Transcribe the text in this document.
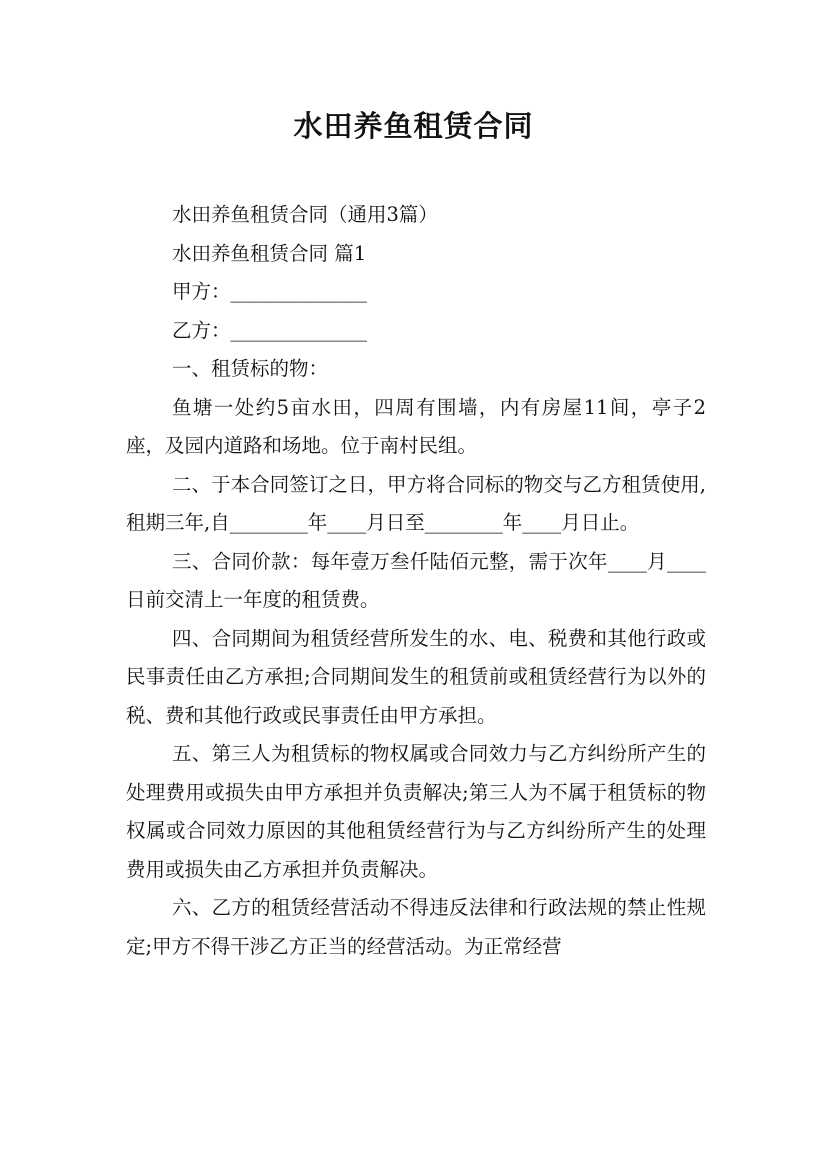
水田养鱼租赁合同

水田养鱼租赁合同（通用3篇）

水田养鱼租赁合同 篇1

甲方：______________

乙方：______________

一、租赁标的物：

鱼塘一处约5亩水田，四周有围墙，内有房屋11间，亭子2座，及园内道路和场地。位于南村民组。

二、于本合同签订之日，甲方将合同标的物交与乙方租赁使用,租期三年,自________年____月日至________年____月日止。

三、合同价款：每年壹万叁仟陆佰元整，需于次年____月____日前交清上一年度的租赁费。

四、合同期间为租赁经营所发生的水、电、税费和其他行政或民事责任由乙方承担;合同期间发生的租赁前或租赁经营行为以外的税、费和其他行政或民事责任由甲方承担。

五、第三人为租赁标的物权属或合同效力与乙方纠纷所产生的处理费用或损失由甲方承担并负责解决;第三人为不属于租赁标的物权属或合同效力原因的其他租赁经营行为与乙方纠纷所产生的处理费用或损失由乙方承担并负责解决。

六、乙方的租赁经营活动不得违反法律和行政法规的禁止性规定;甲方不得干涉乙方正当的经营活动。为正常经营
